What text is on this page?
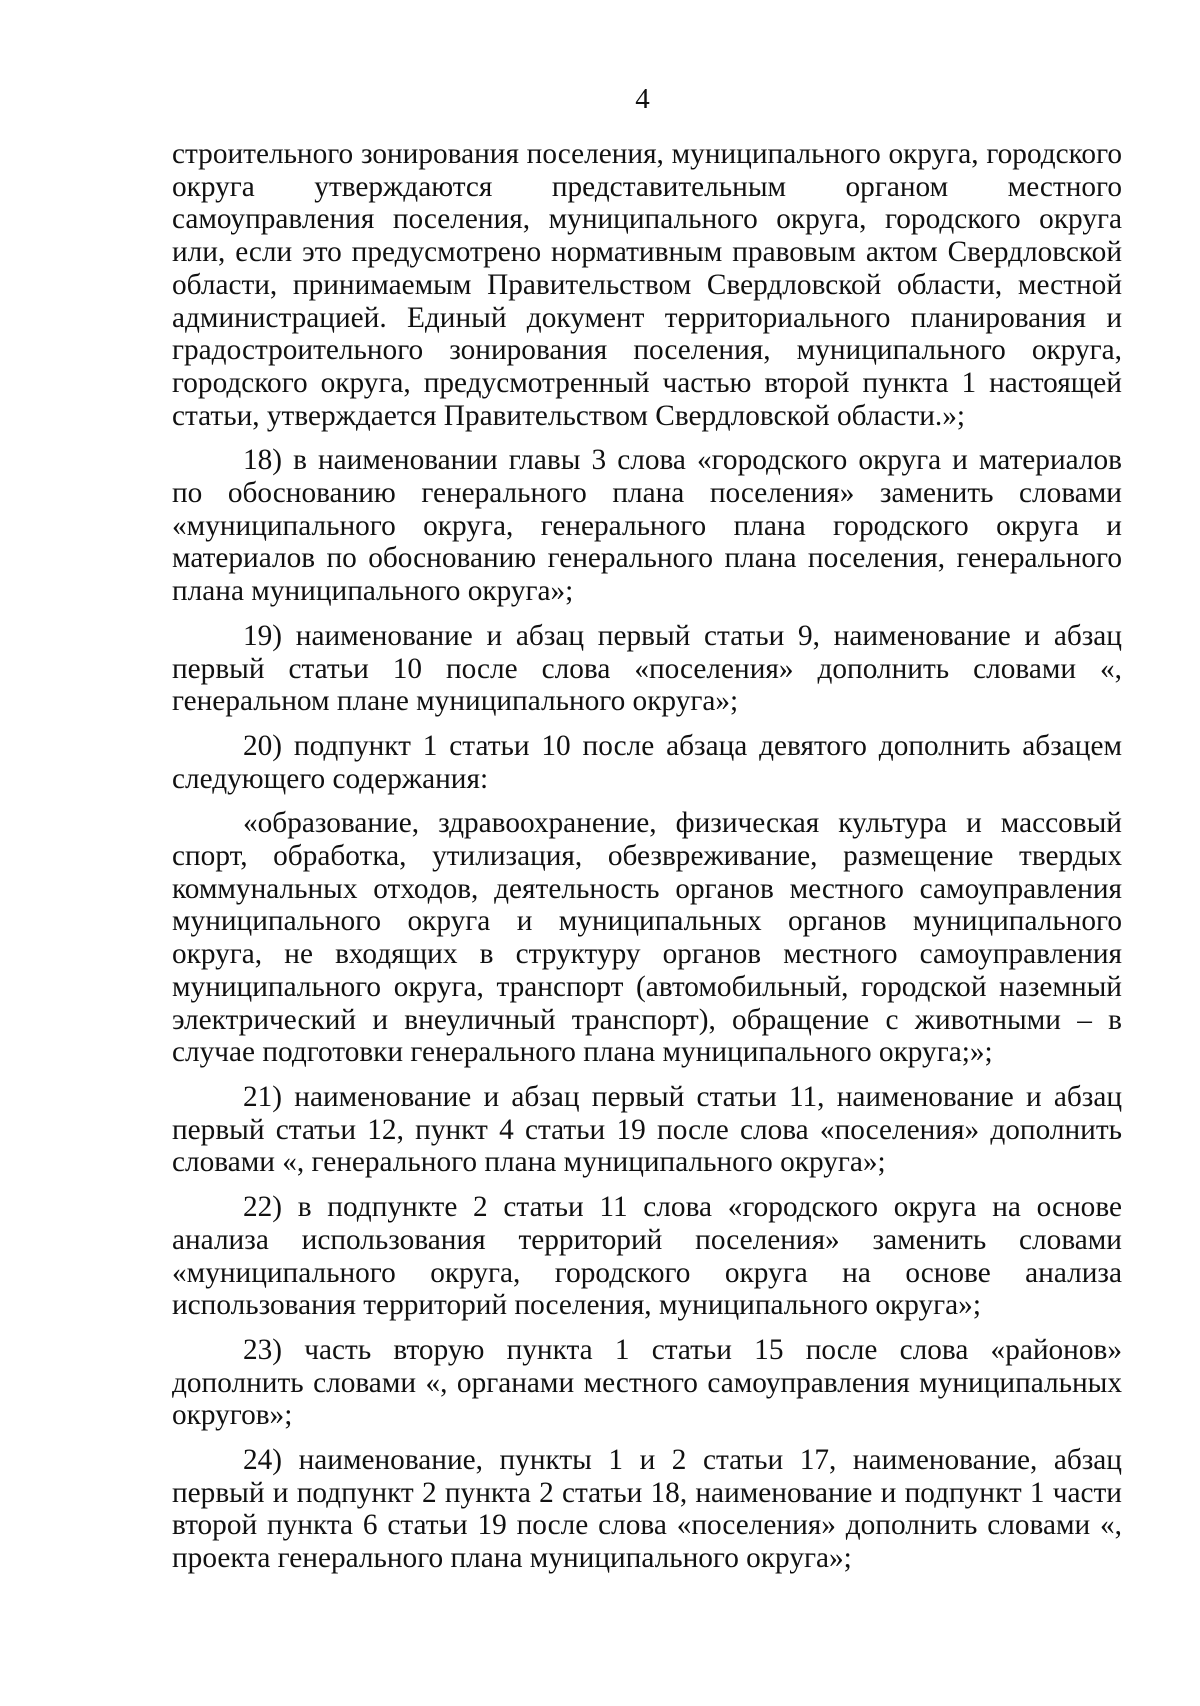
4

строительного зонирования поселения, муниципального округа, городского округа утверждаются представительным органом местного самоуправления поселения, муниципального округа, городского округа или, если это предусмотрено нормативным правовым актом Свердловской области, принимаемым Правительством Свердловской области, местной администрацией. Единый документ территориального планирования и градостроительного зонирования поселения, муниципального округа, городского округа, предусмотренный частью второй пункта 1 настоящей статьи, утверждается Правительством Свердловской области.»;

18) в наименовании главы 3 слова «городского округа и материалов по обоснованию генерального плана поселения» заменить словами «муниципального округа, генерального плана городского округа и материалов по обоснованию генерального плана поселения, генерального плана муниципального округа»;

19) наименование и абзац первый статьи 9, наименование и абзац первый статьи 10 после слова «поселения» дополнить словами «, генеральном плане муниципального округа»;

20) подпункт 1 статьи 10 после абзаца девятого дополнить абзацем следующего содержания:

«образование, здравоохранение, физическая культура и массовый спорт, обработка, утилизация, обезвреживание, размещение твердых коммунальных отходов, деятельность органов местного самоуправления муниципального округа и муниципальных органов муниципального округа, не входящих в структуру органов местного самоуправления муниципального округа, транспорт (автомобильный, городской наземный электрический и внеуличный транспорт), обращение с животными – в случае подготовки генерального плана муниципального округа;»;

21) наименование и абзац первый статьи 11, наименование и абзац первый статьи 12, пункт 4 статьи 19 после слова «поселения» дополнить словами «, генерального плана муниципального округа»;

22) в подпункте 2 статьи 11 слова «городского округа на основе анализа использования территорий поселения» заменить словами «муниципального округа, городского округа на основе анализа использования территорий поселения, муниципального округа»;

23) часть вторую пункта 1 статьи 15 после слова «районов» дополнить словами «, органами местного самоуправления муниципальных округов»;

24) наименование, пункты 1 и 2 статьи 17, наименование, абзац первый и подпункт 2 пункта 2 статьи 18, наименование и подпункт 1 части второй пункта 6 статьи 19 после слова «поселения» дополнить словами «, проекта генерального плана муниципального округа»;
